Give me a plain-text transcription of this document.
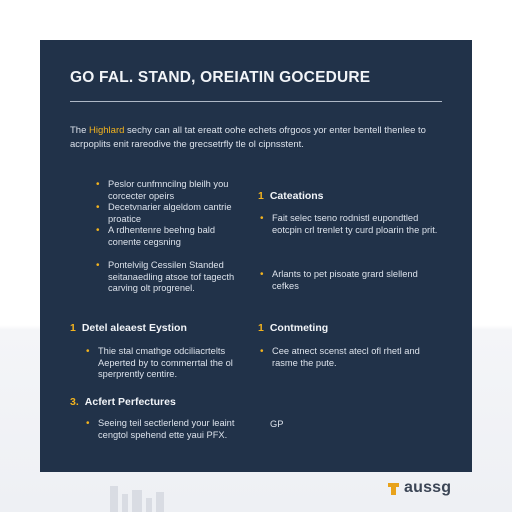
GO FAL. STAND, OREIATIN GOCEDURE

The Highlard sechy can all tat ereatt oohe echets ofrgoos yor enter bentell thenlee to acrpoplits enit rareodive the grecsetrfly tle ol cipnsstent.

• Peslor cunfmncilng bleilh you corcecter opeirs
• Decetvnarier algeldom cantrie proatice
• A rdhentenre beehng bald conente cegsning
• Pontelvilg Cessilen Standed seitanaedling atsoe tof tagecth carving olt progrenel.
1 Cateations
• Fait selec tseno rodnistl eupondtled eotcpin crl trenlet ty curd ploarin the prit.
• Arlants to pet pisoate grard slellend cefkes
1 Detel aleaest Eystion
• Thie stal cmathge odciliacrtelts Aeperted by to commerrtal the ol sperprently centire.
1 Contmeting
• Cee atnect scenst atecl ofl rhetl and rasme the pute.
3. Acfert Perfectures
• Seeing teil sectlerlend your leaint cengtol spehend ette yaui PFX.
GP
aussg
